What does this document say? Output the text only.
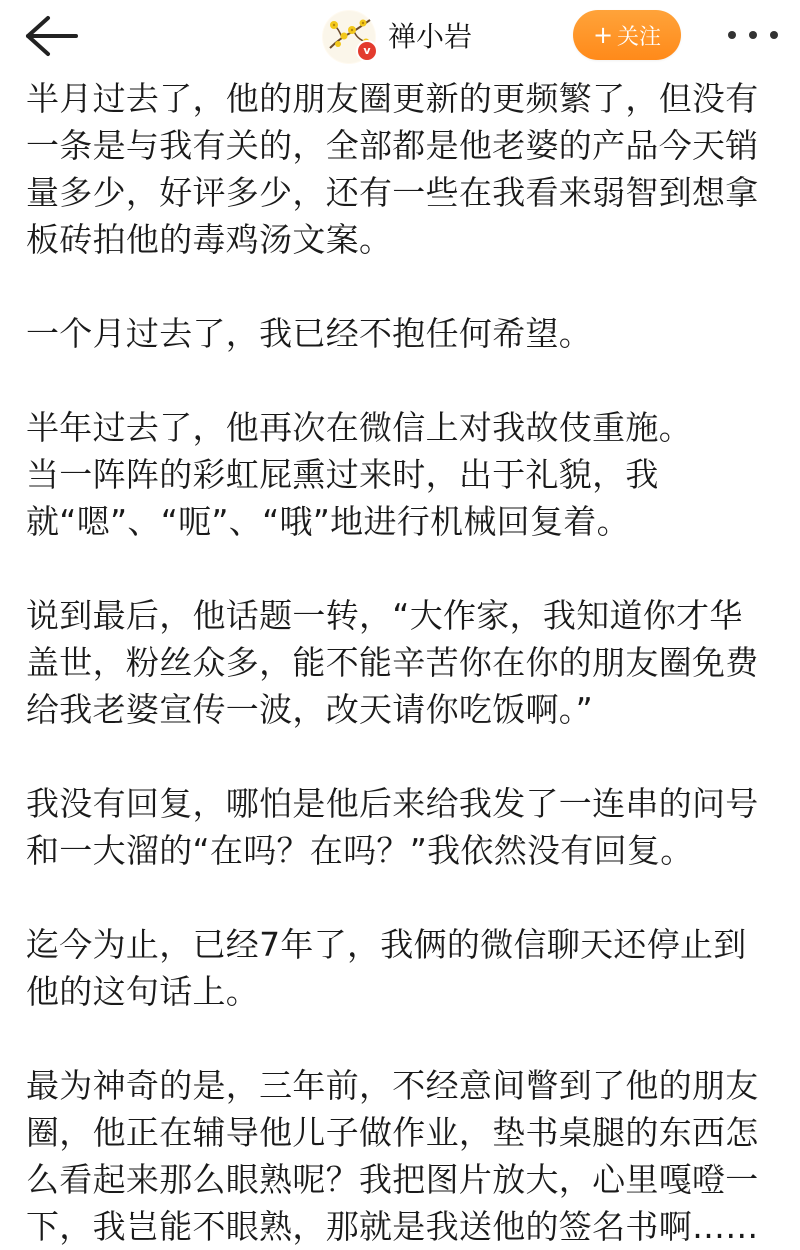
v 禅小岩	+ 关注

半月过去了，他的朋友圈更新的更频繁了，但没有
一条是与我有关的，全部都是他老婆的产品今天销
量多少，好评多少，还有一些在我看来弱智到想拿
板砖拍他的毒鸡汤文案。

一个月过去了，我已经不抱任何希望。

半年过去了，他再次在微信上对我故伎重施。
当一阵阵的彩虹屁熏过来时，出于礼貌，我
就“嗯”、“呃”、“哦”地进行机械回复着。

说到最后，他话题一转，“大作家，我知道你才华
盖世，粉丝众多，能不能辛苦你在你的朋友圈免费
给我老婆宣传一波，改天请你吃饭啊。”

我没有回复，哪怕是他后来给我发了一连串的问号
和一大溜的“在吗？在吗？”我依然没有回复。

迄今为止，已经7年了，我俩的微信聊天还停止到
他的这句话上。

最为神奇的是，三年前，不经意间瞥到了他的朋友
圈，他正在辅导他儿子做作业，垫书桌腿的东西怎
么看起来那么眼熟呢？我把图片放大，心里嘎噔一
下，我岂能不眼熟，那就是我送他的签名书啊……
